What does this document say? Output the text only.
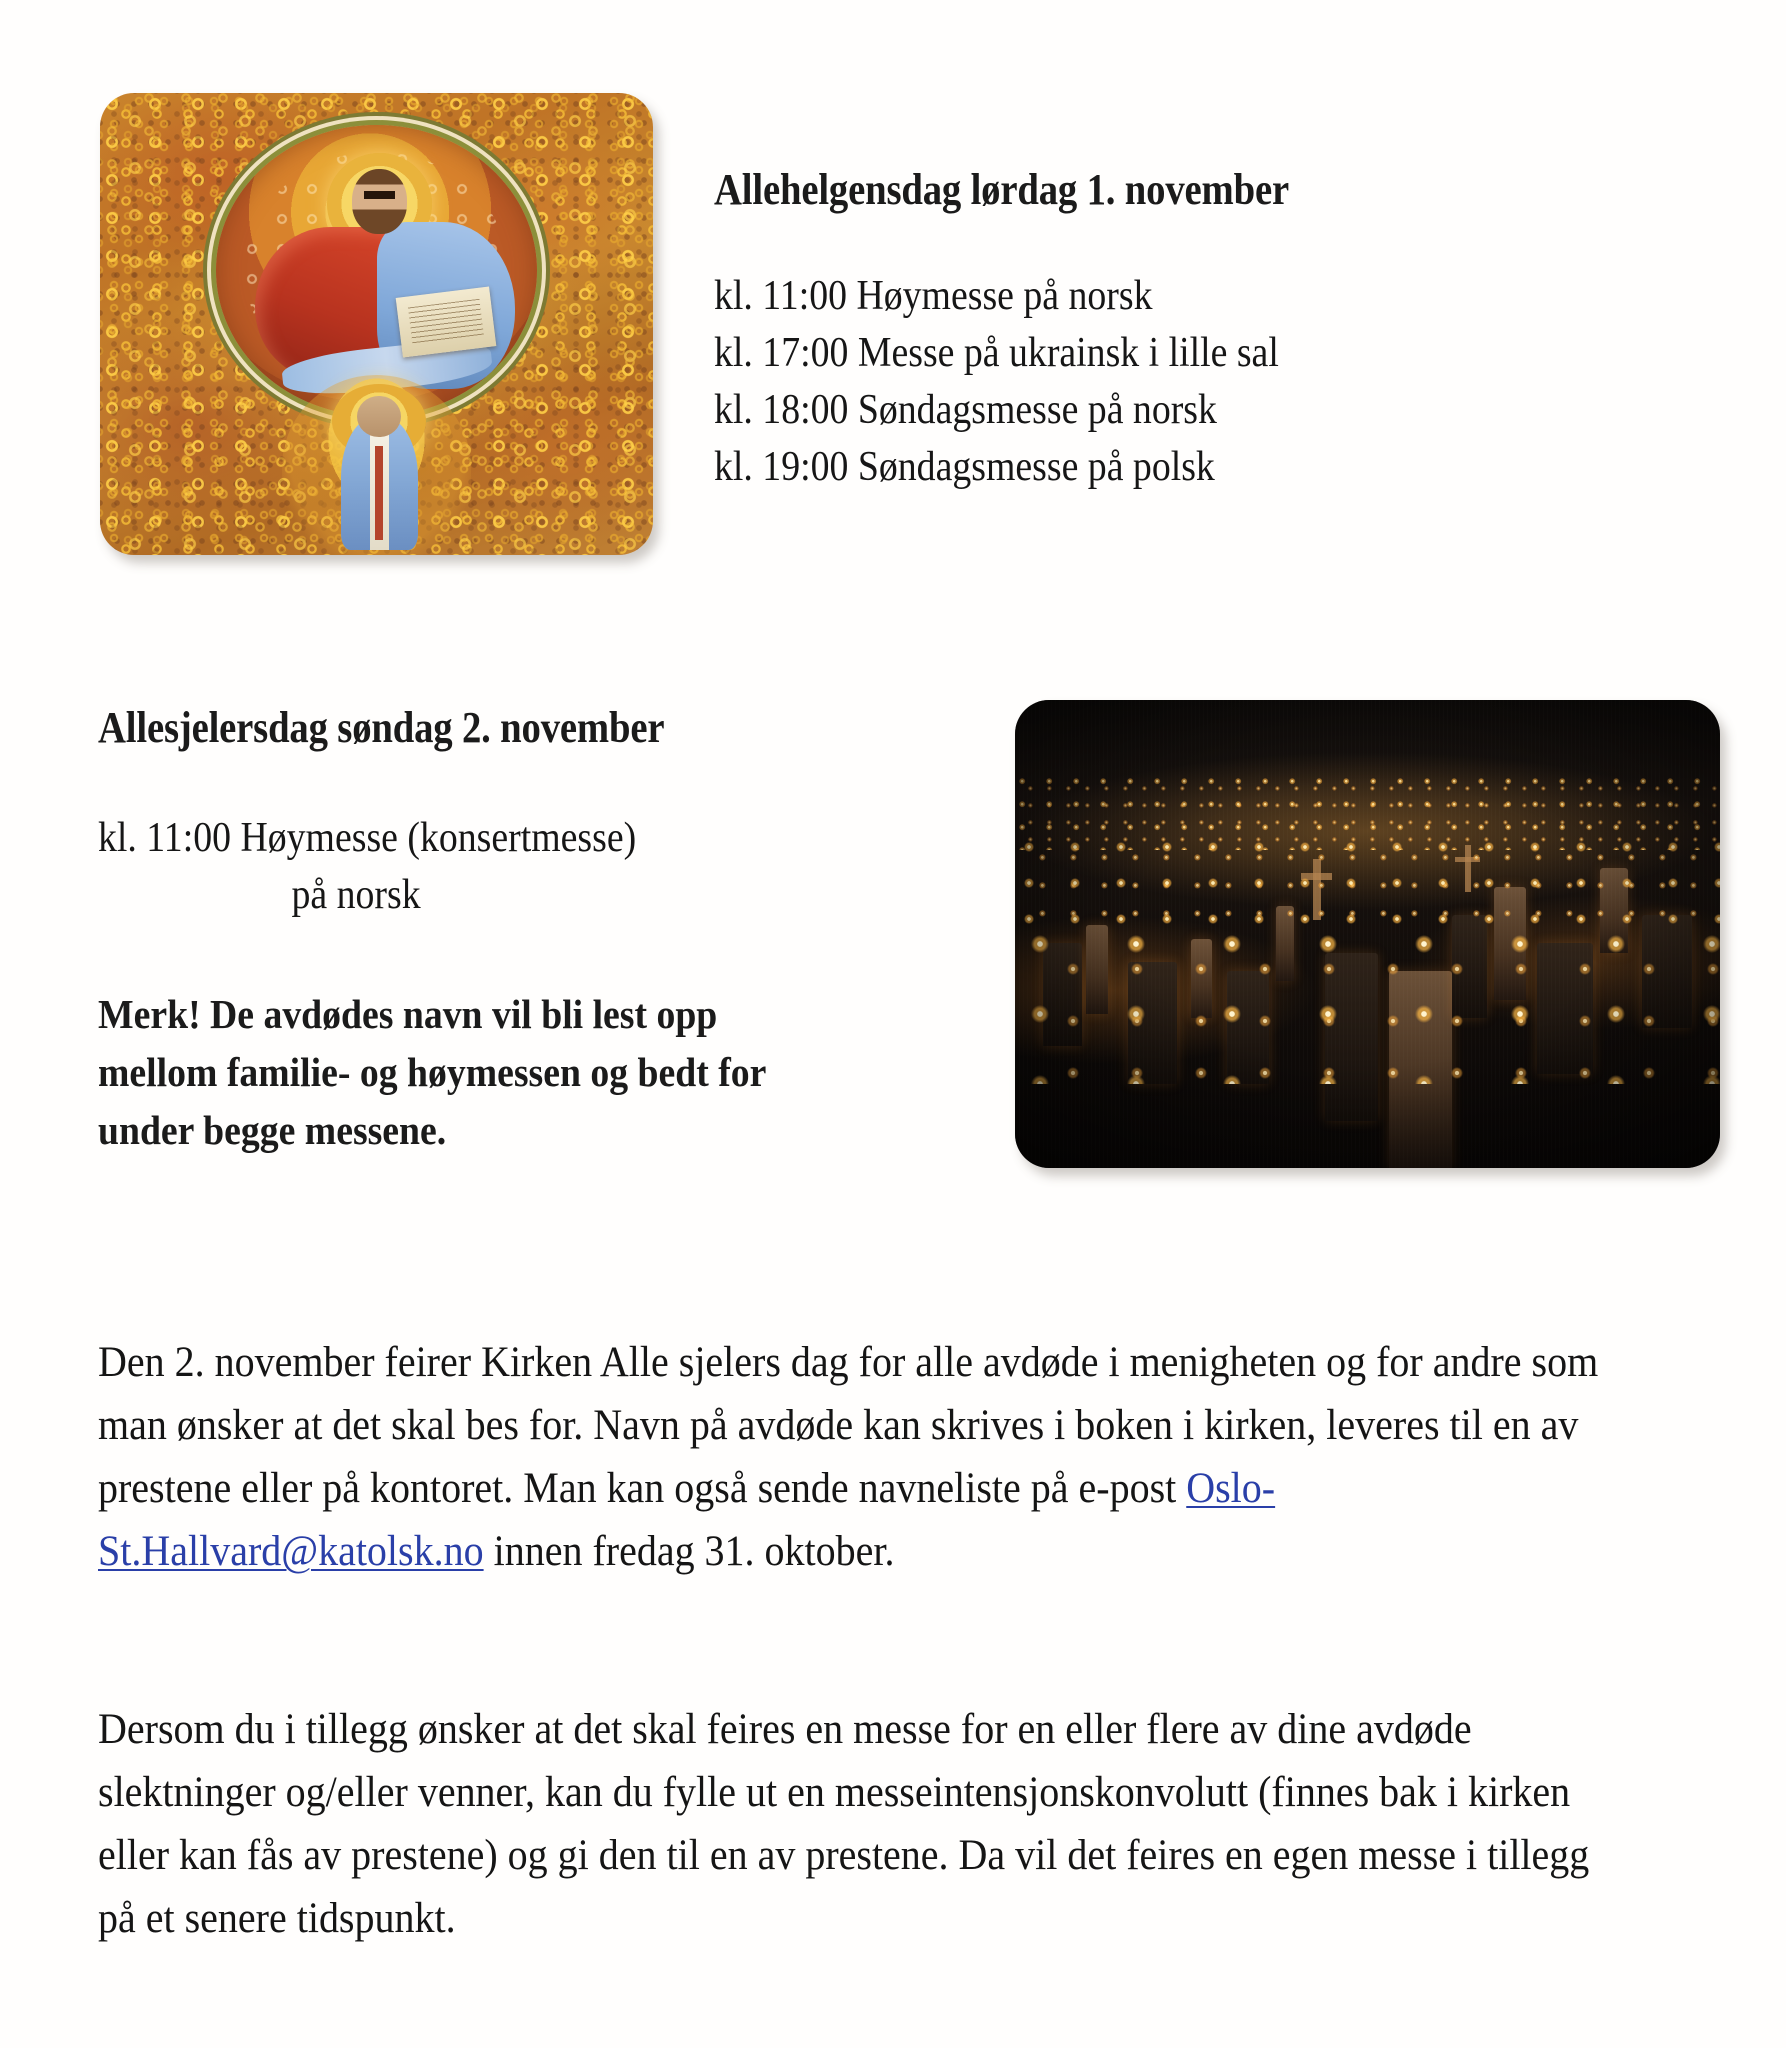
Allehelgensdag lørdag 1. november
kl. 11:00 Høymesse på norsk
kl. 17:00 Messe på ukrainsk i lille sal
kl. 18:00 Søndagsmesse på norsk
kl. 19:00 Søndagsmesse på polsk
Allesjelersdag søndag 2. november
kl. 11:00 Høymesse (konsertmesse)
på norsk
Merk! De avdødes navn vil bli lest opp mellom familie- og høymessen og bedt for under begge messene.

Den 2. november feirer Kirken Alle sjelers dag for alle avdøde i menigheten og for andre som man ønsker at det skal bes for. Navn på avdøde kan skrives i boken i kirken, leveres til en av prestene eller på kontoret. Man kan også sende navneliste på e-post Oslo-St.Hallvard@katolsk.no innen fredag 31. oktober.

Dersom du i tillegg ønsker at det skal feires en messe for en eller flere av dine avdøde slektninger og/eller venner, kan du fylle ut en messeintensjonskonvolutt (finnes bak i kirken eller kan fås av prestene) og gi den til en av prestene. Da vil det feires en egen messe i tillegg på et senere tidspunkt.
